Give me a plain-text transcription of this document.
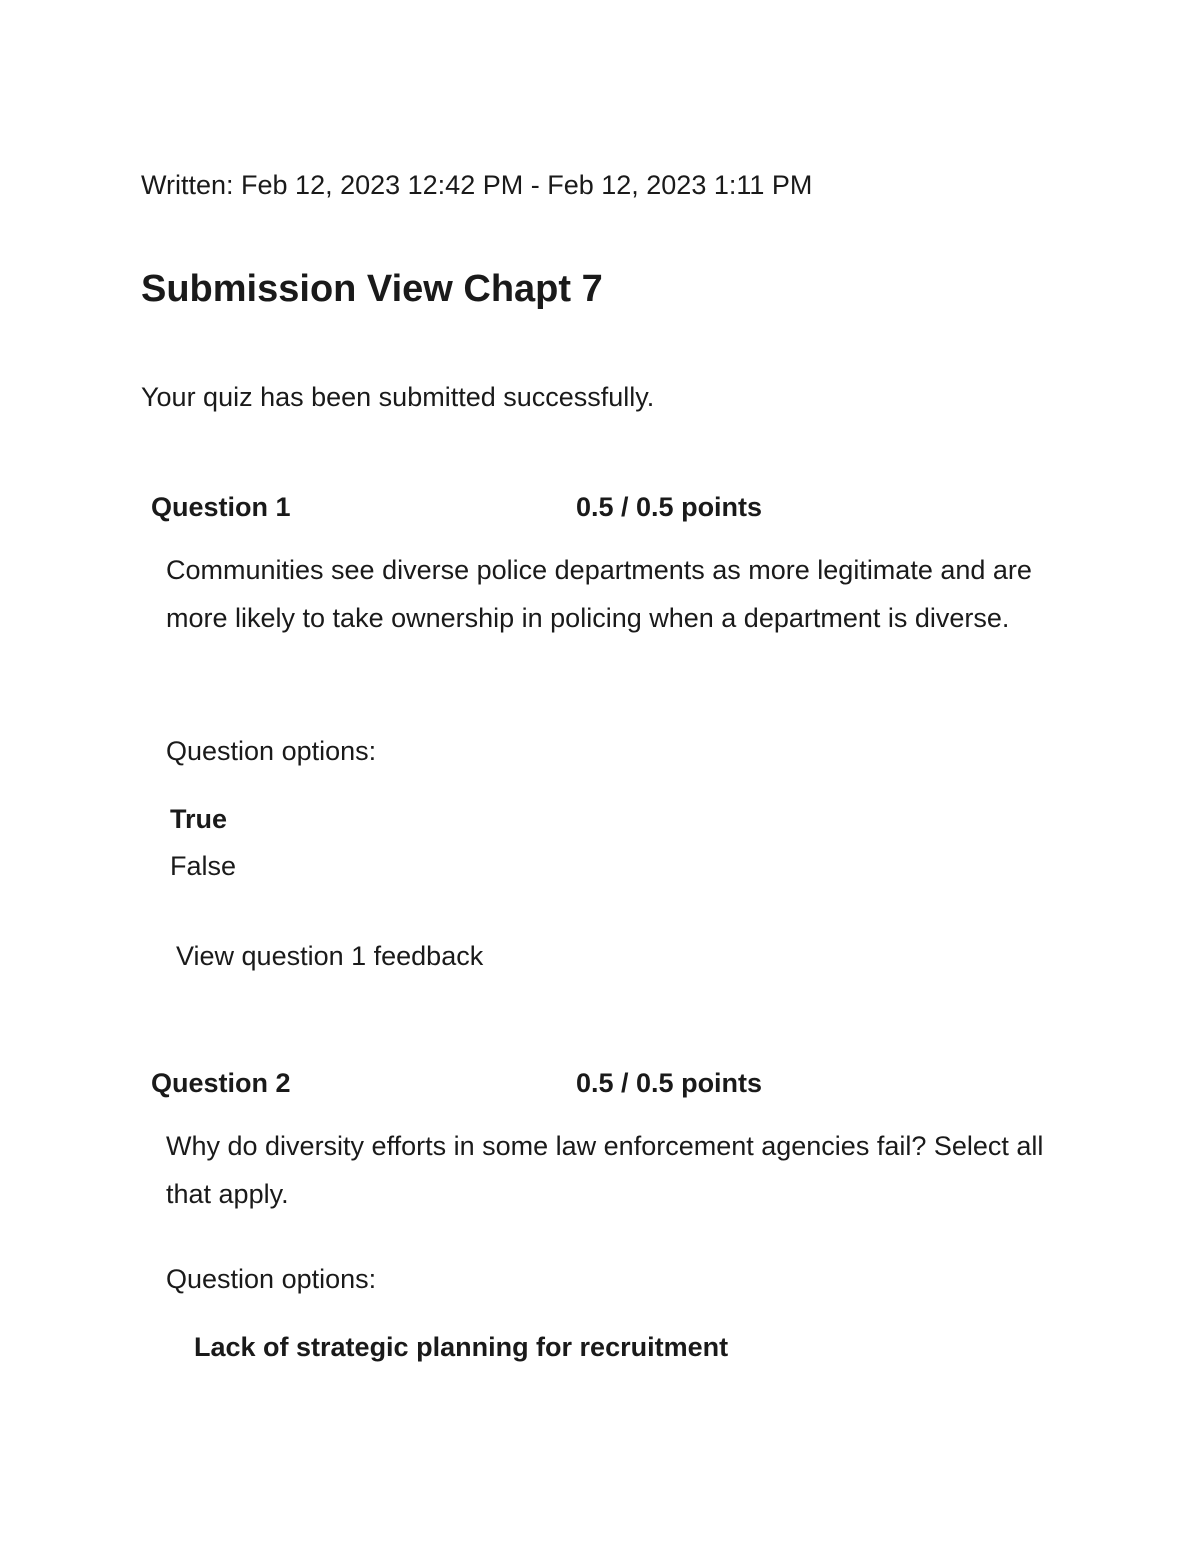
Written: Feb 12, 2023 12:42 PM - Feb 12, 2023 1:11 PM
Submission View Chapt 7
Your quiz has been submitted successfully.
Question 1	0.5 / 0.5 points
Communities see diverse police departments as more legitimate and are more likely to take ownership in policing when a department is diverse.
Question options:
True
False
View question 1 feedback
Question 2	0.5 / 0.5 points
Why do diversity efforts in some law enforcement agencies fail? Select all that apply.
Question options:
Lack of strategic planning for recruitment
